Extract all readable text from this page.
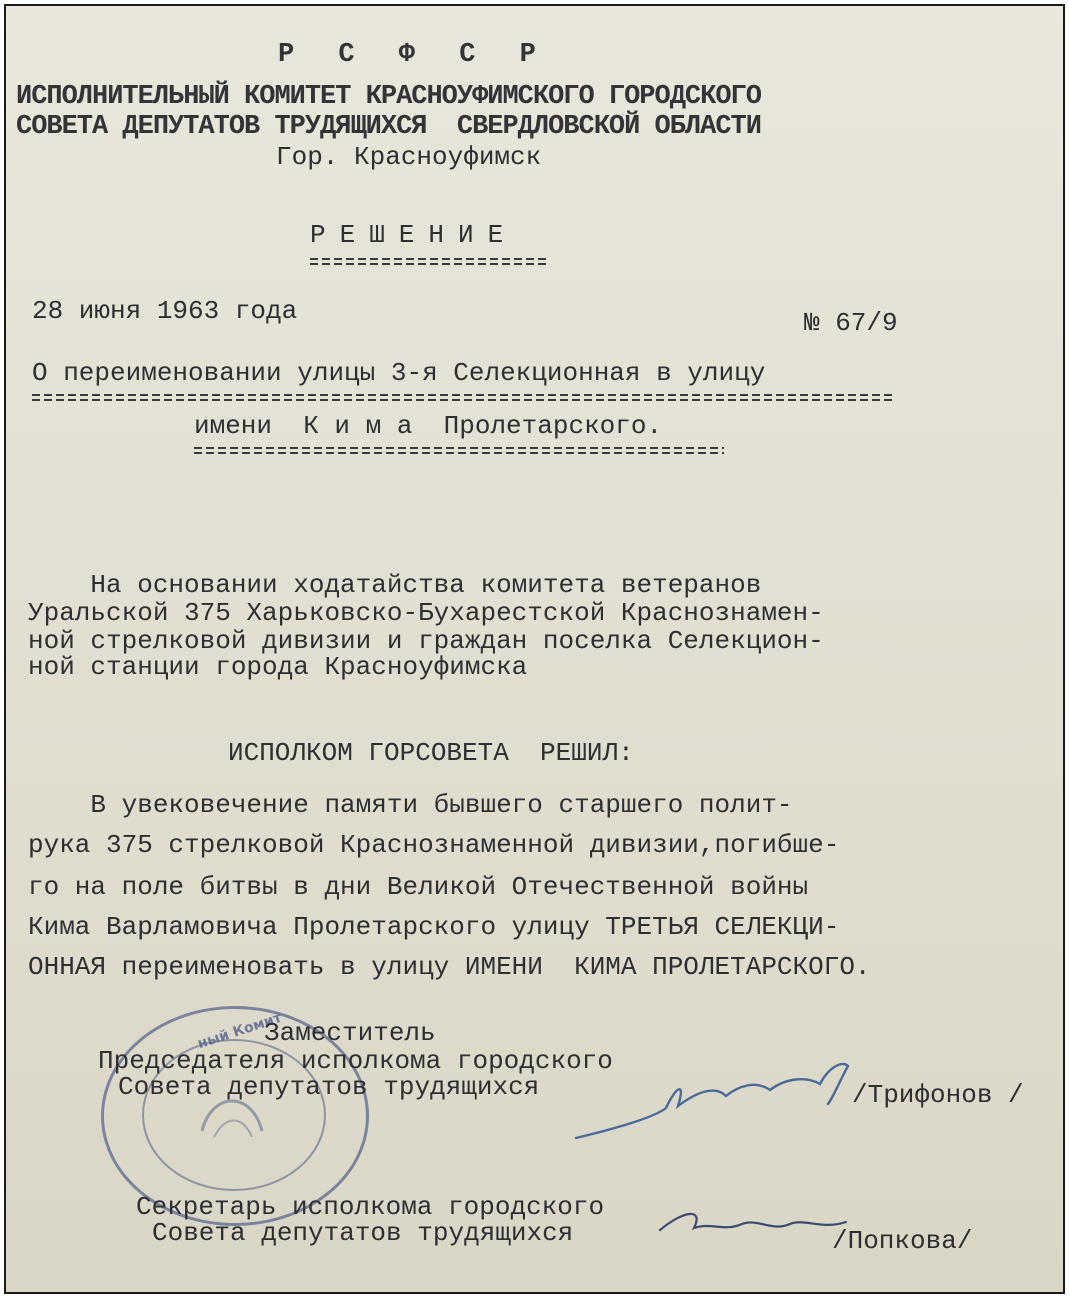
Р С Ф С Р
ИСПОЛНИТЕЛЬНЫЙ КОМИТЕТ КРАСНОУФИМСКОГО ГОРОДСКОГО
СОВЕТА ДЕПУТАТОВ ТРУДЯЩИХСЯ  СВЕРДЛОВСКОЙ ОБЛАСТИ
Гор. Красноуфимск
РЕШЕНИЕ
28 июня 1963 года	№ 67/9
О переименовании улицы 3-я Селекционная в улицу
имени  К и м а  Пролетарского.
На основании ходатайства комитета ветеранов
Уральской 375 Харьковско-Бухарестской Краснознамен-
ной стрелковой дивизии и граждан поселка Селекцион-
ной станции города Красноуфимска
ИСПОЛКОМ ГОРСОВЕТА  РЕШИЛ:
В увековечение памяти бывшего старшего полит-
рука 375 стрелковой Краснознаменной дивизии,погибше-
го на поле битвы в дни Великой Отечественной войны
Кима Варламовича Пролетарского улицу ТРЕТЬЯ СЕЛЕКЦИ-
ОННАЯ переименовать в улицу ИМЕНИ  КИМА ПРОЛЕТАРСКОГО.
ный Комит
Заместитель
Председателя исполкома городского
Совета депутатов трудящихся	/Трифонов /
Секретарь исполкома городского
Совета депутатов трудящихся	/Попкова/
